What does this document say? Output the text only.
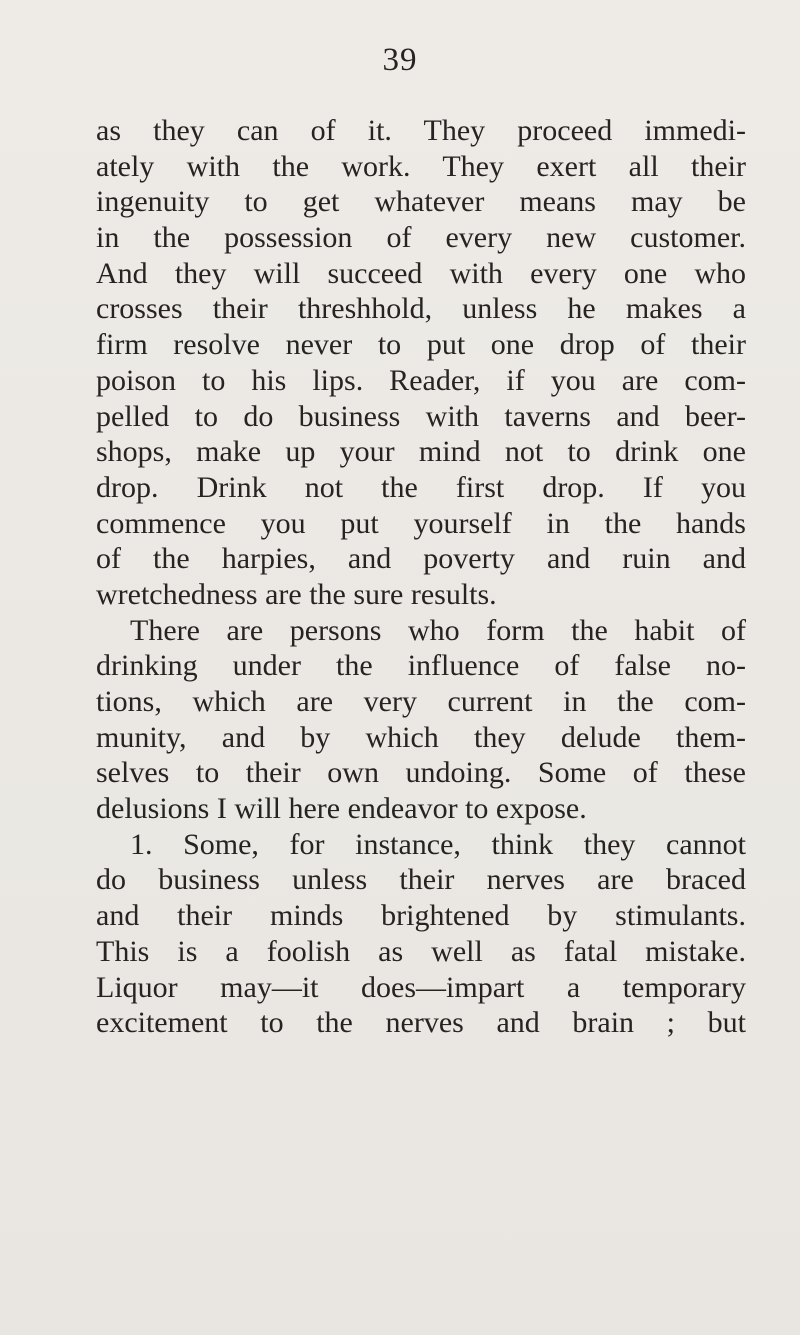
39
as they can of it. They proceed immedi-
ately with the work. They exert all their
ingenuity to get whatever means may be
in the possession of every new customer.
And they will succeed with every one who
crosses their threshhold, unless he makes a
firm resolve never to put one drop of their
poison to his lips. Reader, if you are com-
pelled to do business with taverns and beer-
shops, make up your mind not to drink one
drop. Drink not the first drop. If you
commence you put yourself in the hands
of the harpies, and poverty and ruin and
wretchedness are the sure results.
There are persons who form the habit of
drinking under the influence of false no-
tions, which are very current in the com-
munity, and by which they delude them-
selves to their own undoing. Some of these
delusions I will here endeavor to expose.
1. Some, for instance, think they cannot
do business unless their nerves are braced
and their minds brightened by stimulants.
This is a foolish as well as fatal mistake.
Liquor may—it does—impart a temporary
excitement to the nerves and brain ; but
